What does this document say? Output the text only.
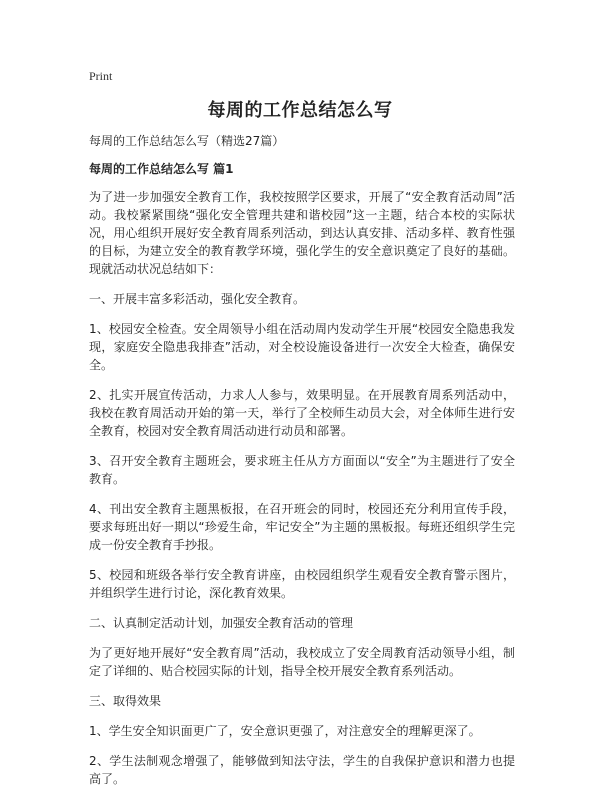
Print
每周的工作总结怎么写
每周的工作总结怎么写（精选27篇）
每周的工作总结怎么写 篇1

为了进一步加强安全教育工作，我校按照学区要求，开展了“安全教育活动周”活动。我校紧紧围绕“强化安全管理共建和谐校园”这一主题，结合本校的实际状况，用心组织开展好安全教育周系列活动，到达认真安排、活动多样、教育性强的目标，为建立安全的教育教学环境，强化学生的安全意识奠定了良好的基础。现就活动状况总结如下：

一、开展丰富多彩活动，强化安全教育。

1、校园安全检查。安全周领导小组在活动周内发动学生开展“校园安全隐患我发现，家庭安全隐患我排查”活动，对全校设施设备进行一次安全大检查，确保安全。

2、扎实开展宣传活动，力求人人参与，效果明显。在开展教育周系列活动中，我校在教育周活动开始的第一天，举行了全校师生动员大会，对全体师生进行安全教育，校园对安全教育周活动进行动员和部署。

3、召开安全教育主题班会，要求班主任从方方面面以“安全”为主题进行了安全教育。

4、刊出安全教育主题黑板报，在召开班会的同时，校园还充分利用宣传手段，要求每班出好一期以“珍爱生命，牢记安全”为主题的黑板报。每班还组织学生完成一份安全教育手抄报。

5、校园和班级各举行安全教育讲座，由校园组织学生观看安全教育警示图片，并组织学生进行讨论，深化教育效果。

二、认真制定活动计划，加强安全教育活动的管理

为了更好地开展好“安全教育周”活动，我校成立了安全周教育活动领导小组，制定了详细的、贴合校园实际的计划，指导全校开展安全教育系列活动。

三、取得效果

1、学生安全知识面更广了，安全意识更强了，对注意安全的理解更深了。

2、学生法制观念增强了，能够做到知法守法，学生的自我保护意识和潜力也提高了。
